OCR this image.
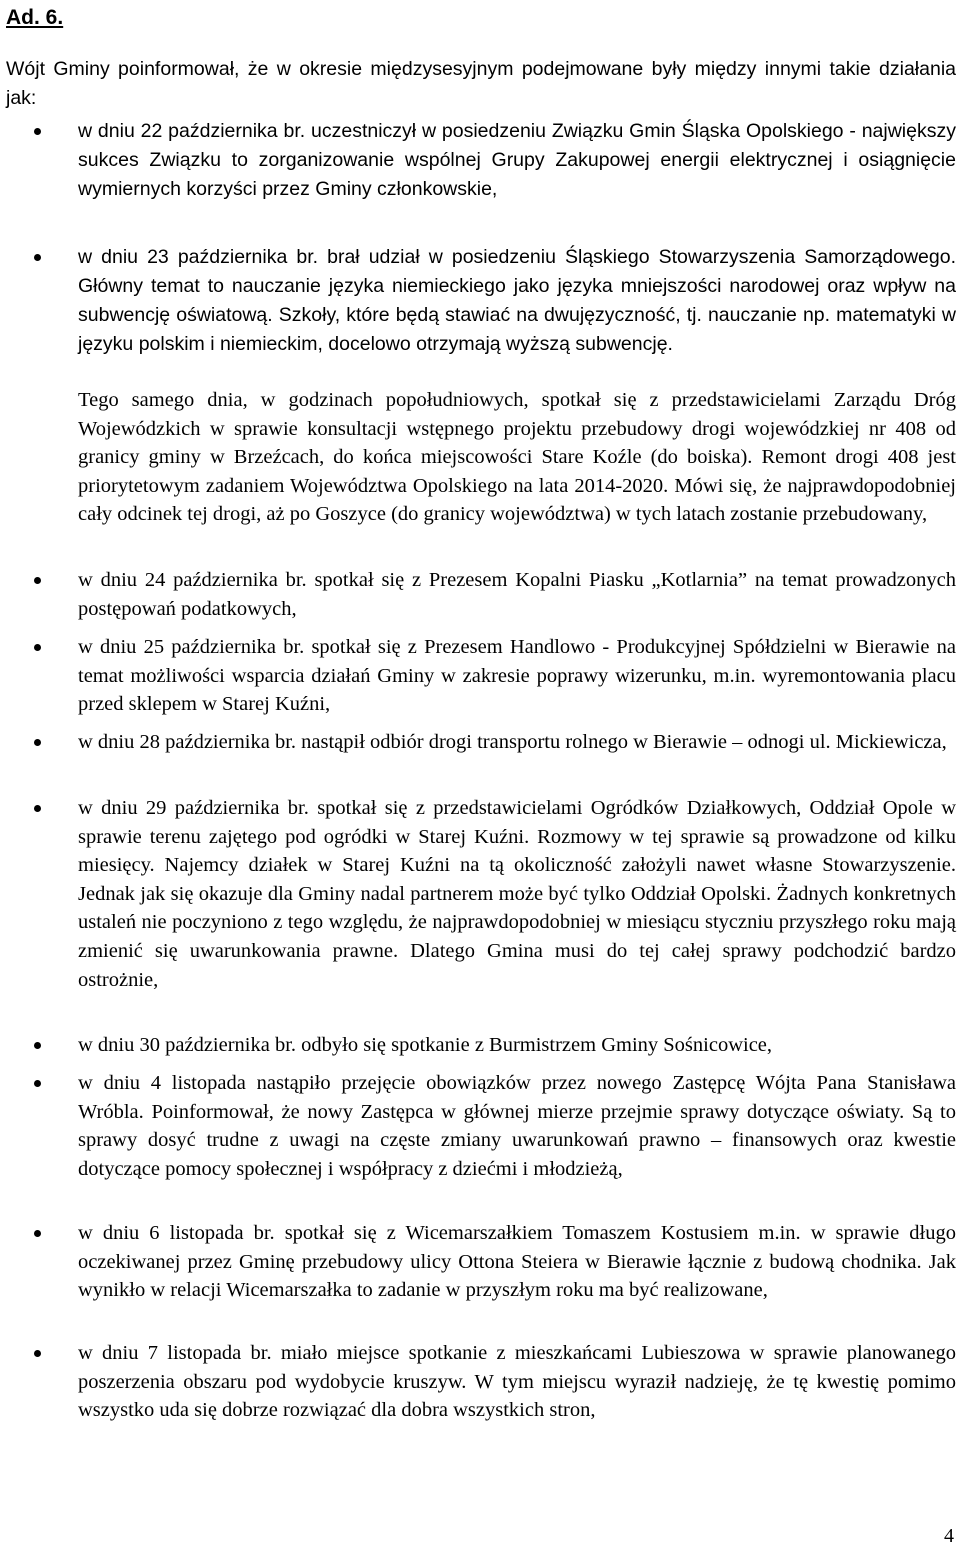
Ad. 6.

Wójt Gminy poinformował, że w okresie międzysesyjnym podejmowane były między innymi takie działania jak:

w dniu 22 października br. uczestniczył w posiedzeniu Związku Gmin Śląska Opolskiego - największy sukces Związku to zorganizowanie wspólnej Grupy Zakupowej energii elektrycznej i osiągnięcie wymiernych korzyści przez Gminy członkowskie,

w dniu 23 października br. brał udział w posiedzeniu Śląskiego Stowarzyszenia Samorządowego. Główny temat to nauczanie języka niemieckiego jako języka mniejszości narodowej oraz wpływ na subwencję oświatową. Szkoły, które będą stawiać na dwujęzyczność, tj. nauczanie np. matematyki w języku polskim i niemieckim, docelowo otrzymają wyższą subwencję.

Tego samego dnia, w godzinach popołudniowych, spotkał się z przedstawicielami Zarządu Dróg Wojewódzkich w sprawie konsultacji wstępnego projektu przebudowy drogi wojewódzkiej nr 408 od granicy gminy w Brzeźcach, do końca miejscowości Stare Koźle (do boiska). Remont drogi 408 jest priorytetowym zadaniem Województwa Opolskiego na lata 2014-2020. Mówi się, że najprawdopodobniej cały odcinek tej drogi, aż po Goszyce (do granicy województwa) w tych latach zostanie przebudowany,

w dniu 24 października br. spotkał się z Prezesem Kopalni Piasku „Kotlarnia” na temat prowadzonych postępowań podatkowych,

w dniu 25 października br. spotkał się z Prezesem Handlowo - Produkcyjnej Spółdzielni w Bierawie na temat możliwości wsparcia działań Gminy w zakresie poprawy wizerunku, m.in. wyremontowania placu przed sklepem w Starej Kuźni,

w dniu 28 października br. nastąpił odbiór drogi transportu rolnego w Bierawie – odnogi ul. Mickiewicza,

w dniu 29 października br. spotkał się z przedstawicielami Ogródków Działkowych, Oddział Opole w sprawie terenu zajętego pod ogródki w Starej Kuźni. Rozmowy w tej sprawie są prowadzone od kilku miesięcy. Najemcy działek w Starej Kuźni na tą okoliczność założyli nawet własne Stowarzyszenie. Jednak jak się okazuje dla Gminy nadal partnerem może być tylko Oddział Opolski. Żadnych konkretnych ustaleń nie poczyniono z tego względu, że najprawdopodobniej w miesiącu styczniu przyszłego roku mają zmienić się uwarunkowania prawne. Dlatego Gmina musi do tej całej sprawy podchodzić bardzo ostrożnie,

w dniu 30 października br. odbyło się spotkanie z Burmistrzem Gminy Sośnicowice,

w dniu 4 listopada nastąpiło przejęcie obowiązków przez nowego Zastępcę Wójta Pana Stanisława Wróbla. Poinformował, że nowy Zastępca w głównej mierze przejmie sprawy dotyczące oświaty. Są to sprawy dosyć trudne z uwagi na częste zmiany uwarunkowań prawno – finansowych oraz kwestie dotyczące pomocy społecznej i współpracy z dziećmi i młodzieżą,

w dniu 6 listopada br. spotkał się z Wicemarszałkiem Tomaszem Kostusiem m.in. w sprawie długo oczekiwanej przez Gminę przebudowy ulicy Ottona Steiera w Bierawie łącznie z budową chodnika. Jak wynikło w relacji Wicemarszałka to zadanie w przyszłym roku ma być realizowane,

w dniu 7 listopada br. miało miejsce spotkanie z mieszkańcami Lubieszowa w sprawie planowanego poszerzenia obszaru pod wydobycie kruszyw. W tym miejscu wyraził nadzieję, że tę kwestię pomimo wszystko uda się dobrze rozwiązać dla dobra wszystkich stron,

4
